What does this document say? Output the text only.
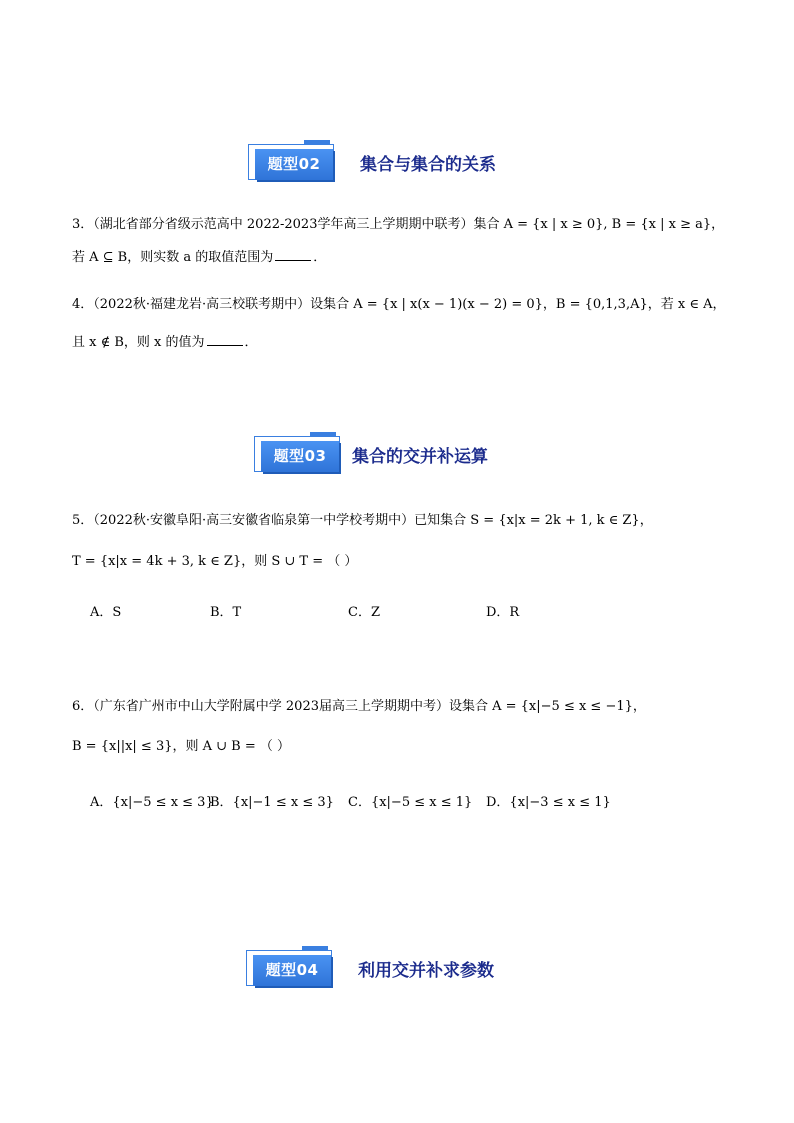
题型02	集合与集合的关系
3．（湖北省部分省级示范高中 2022-2023学年高三上学期期中联考）集合 A = {x | x ≥ 0}, B = {x | x ≥ a}，
若 A ⊆ B，则实数 a 的取值范围为	．
4．（2022秋·福建龙岩·高三校联考期中）设集合 A = {x | x(x − 1)(x − 2) = 0}，B = {0,1,3,A}，若 x ∈ A，
且 x ∉ B，则 x 的值为	．
题型03	集合的交并补运算
5．（2022秋·安徽阜阳·高三安徽省临泉第一中学校考期中）已知集合 S = {x|x = 2k + 1, k ∈ Z}，
T = {x|x = 4k + 3, k ∈ Z}，则 S ∪ T = （ ）
A．S	B．T	C．Z	D．R
6．（广东省广州市中山大学附属中学 2023届高三上学期期中考）设集合 A = {x|−5 ≤ x ≤ −1}，
B = {x||x| ≤ 3}，则 A ∪ B = （ ）
A．{x|−5 ≤ x ≤ 3}
B．{x|−1 ≤ x ≤ 3} C．{x|−5 ≤ x ≤ 1} D．{x|−3 ≤ x ≤ 1}
题型04	利用交并补求参数
